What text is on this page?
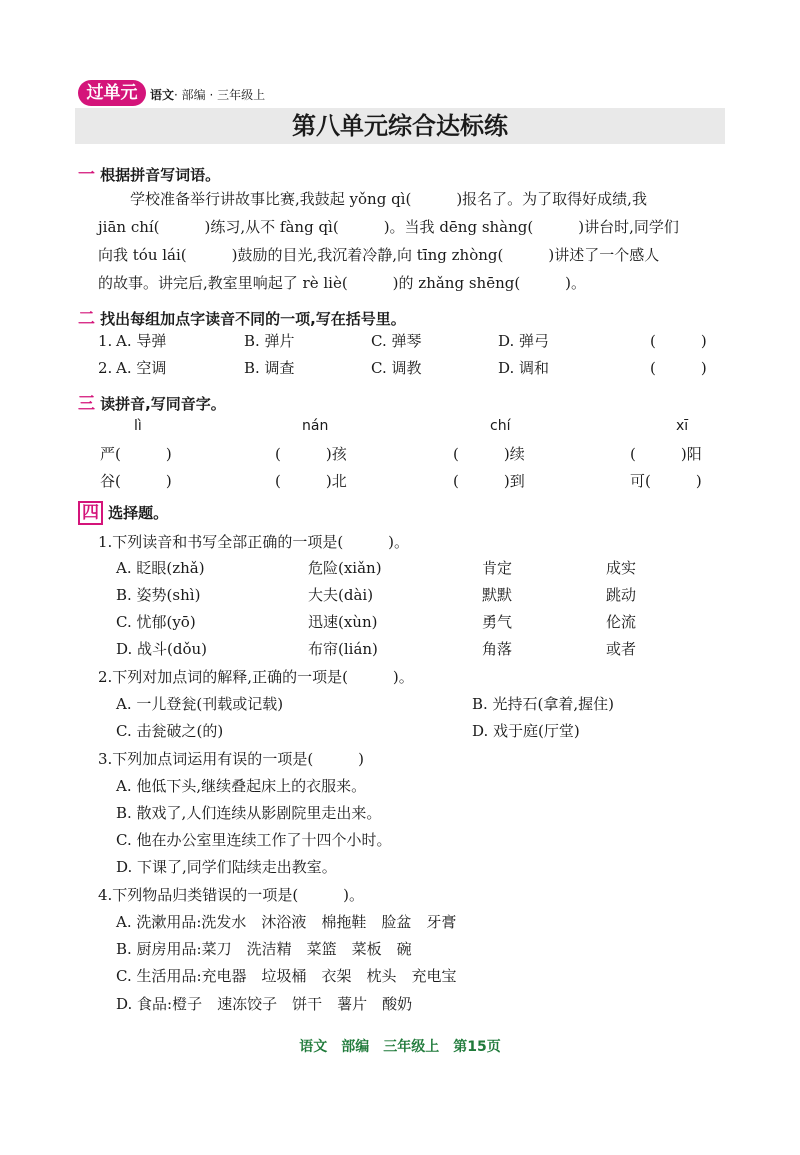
过单元	语文· 部编 · 三年级上
第八单元综合达标练
一 根据拼音写词语。
学校准备举行讲故事比赛,我鼓起 yǒng qì(　　　)报名了。为了取得好成绩,我
jiān chí(　　　)练习,从不 fàng qì(　　　)。当我 dēng shàng(　　　)讲台时,同学们
向我 tóu lái(　　　)鼓励的目光,我沉着冷静,向 tīng zhòng(　　　)讲述了一个感人
的故事。讲完后,教室里响起了 rè liè(　　　)的 zhǎng shēng(　　　)。
二 找出每组加点字读音不同的一项,写在括号里。
1. A. 导弹	B. 弹片	C. 弹琴	D. 弹弓	(　　　)
2. A. 空调	B. 调查	C. 调教	D. 调和	(　　　)
三 读拼音,写同音字。
lì	nán	chí	xī
严(　　　)	(　　　)孩	(　　　)续	(　　　)阳
谷(　　　)	(　　　)北	(　　　)到	可(　　　)
四 选择题。
1.下列读音和书写全部正确的一项是(　　　)。
A. 眨眼(zhǎ)	危险(xiǎn)	肯定	成实
B. 姿势(shì)	大夫(dài)	默默	跳动
C. 忧郁(yō)	迅速(xùn)	勇气	伦流
D. 战斗(dǒu)	布帘(lián)	角落	或者
2.下列对加点词的解释,正确的一项是(　　　)。
A. 一儿登瓮(刊载或记载)	B. 光持石(拿着,握住)
C. 击瓮破之(的)	D. 戏于庭(厅堂)
3.下列加点词运用有误的一项是(　　　)
A. 他低下头,继续叠起床上的衣服来。
B. 散戏了,人们连续从影剧院里走出来。
C. 他在办公室里连续工作了十四个小时。
D. 下课了,同学们陆续走出教室。
4.下列物品归类错误的一项是(　　　)。
A. 洗漱用品:洗发水　沐浴液　棉拖鞋　脸盆　牙膏
B. 厨房用品:菜刀　洗洁精　菜篮　菜板　碗
C. 生活用品:充电器　垃圾桶　衣架　枕头　充电宝
D. 食品:橙子　速冻饺子　饼干　薯片　酸奶
语文　部编　三年级上　第15页
